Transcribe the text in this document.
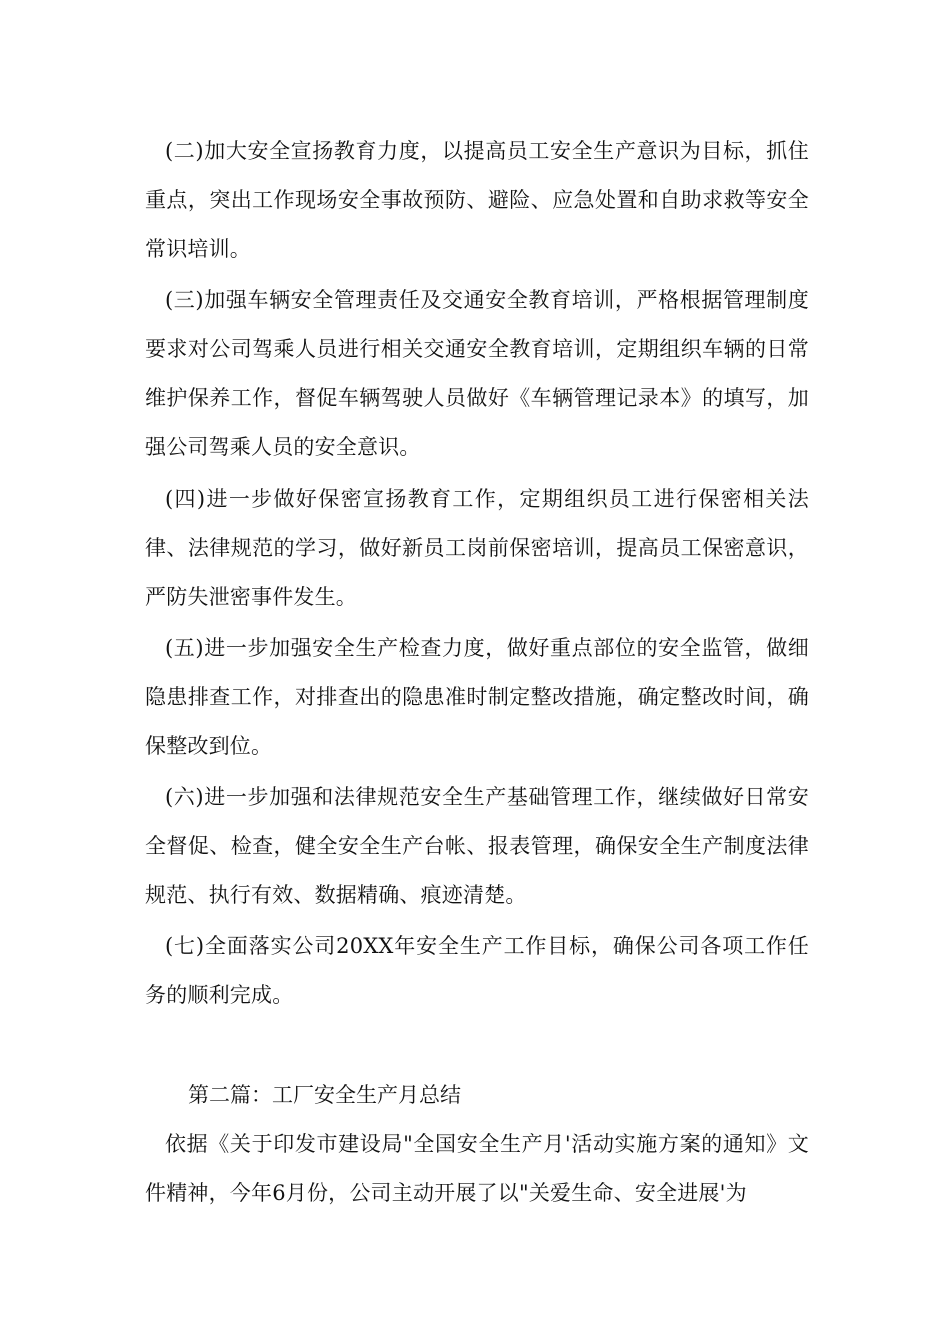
(二)加大安全宣扬教育力度，以提高员工安全生产意识为目标，抓住重点，突出工作现场安全事故预防、避险、应急处置和自助求救等安全常识培训。

(三)加强车辆安全管理责任及交通安全教育培训，严格根据管理制度要求对公司驾乘人员进行相关交通安全教育培训，定期组织车辆的日常维护保养工作，督促车辆驾驶人员做好《车辆管理记录本》的填写，加强公司驾乘人员的安全意识。

(四)进一步做好保密宣扬教育工作，定期组织员工进行保密相关法律、法律规范的学习，做好新员工岗前保密培训，提高员工保密意识，严防失泄密事件发生。

(五)进一步加强安全生产检查力度，做好重点部位的安全监管，做细隐患排查工作，对排查出的隐患准时制定整改措施，确定整改时间，确保整改到位。

(六)进一步加强和法律规范安全生产基础管理工作，继续做好日常安全督促、检查，健全安全生产台帐、报表管理，确保安全生产制度法律规范、执行有效、数据精确、痕迹清楚。

(七)全面落实公司20XX年安全生产工作目标，确保公司各项工作任务的顺利完成。

第二篇：工厂安全生产月总结

依据《关于印发市建设局"全国安全生产月'活动实施方案的通知》文件精神，今年6月份，公司主动开展了以"关爱生命、安全进展'为
